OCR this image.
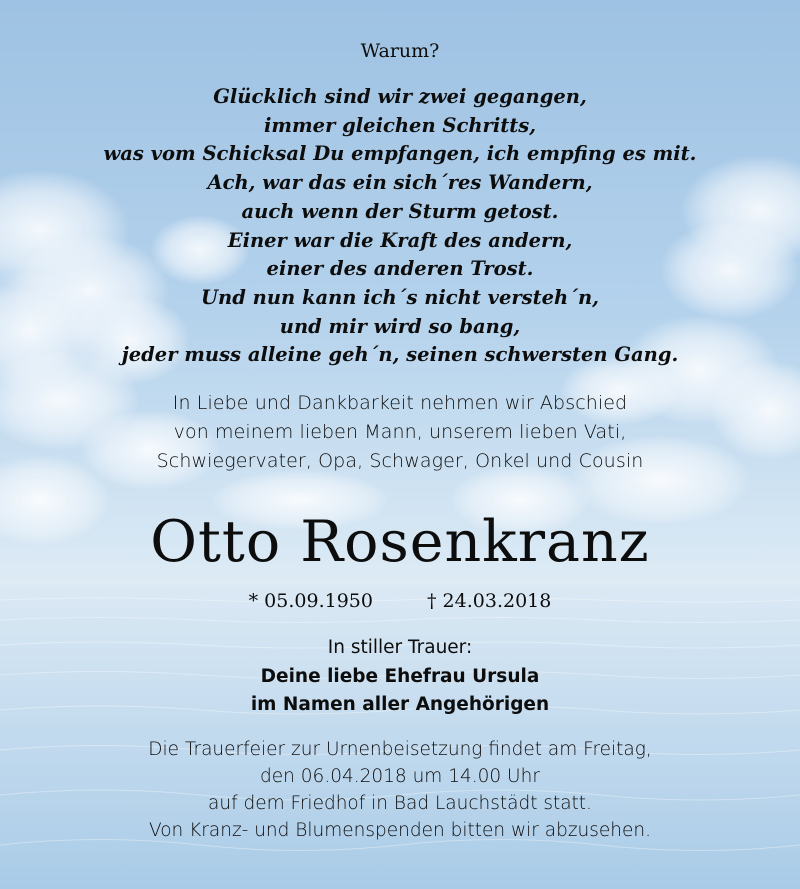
Warum?
Glücklich sind wir zwei gegangen,
immer gleichen Schritts,
was vom Schicksal Du empfangen, ich empfing es mit.
Ach, war das ein sich´res Wandern,
auch wenn der Sturm getost.
Einer war die Kraft des andern,
einer des anderen Trost.
Und nun kann ich´s nicht versteh´n,
und mir wird so bang,
jeder muss alleine geh´n, seinen schwersten Gang.
In Liebe und Dankbarkeit nehmen wir Abschied
von meinem lieben Mann, unserem lieben Vati,
Schwiegervater, Opa, Schwager, Onkel und Cousin
Otto Rosenkranz
* 05.09.1950	† 24.03.2018
In stiller Trauer:
Deine liebe Ehefrau Ursula
im Namen aller Angehörigen
Die Trauerfeier zur Urnenbeisetzung findet am Freitag,
den 06.04.2018 um 14.00 Uhr
auf dem Friedhof in Bad Lauchstädt statt.
Von Kranz- und Blumenspenden bitten wir abzusehen.
